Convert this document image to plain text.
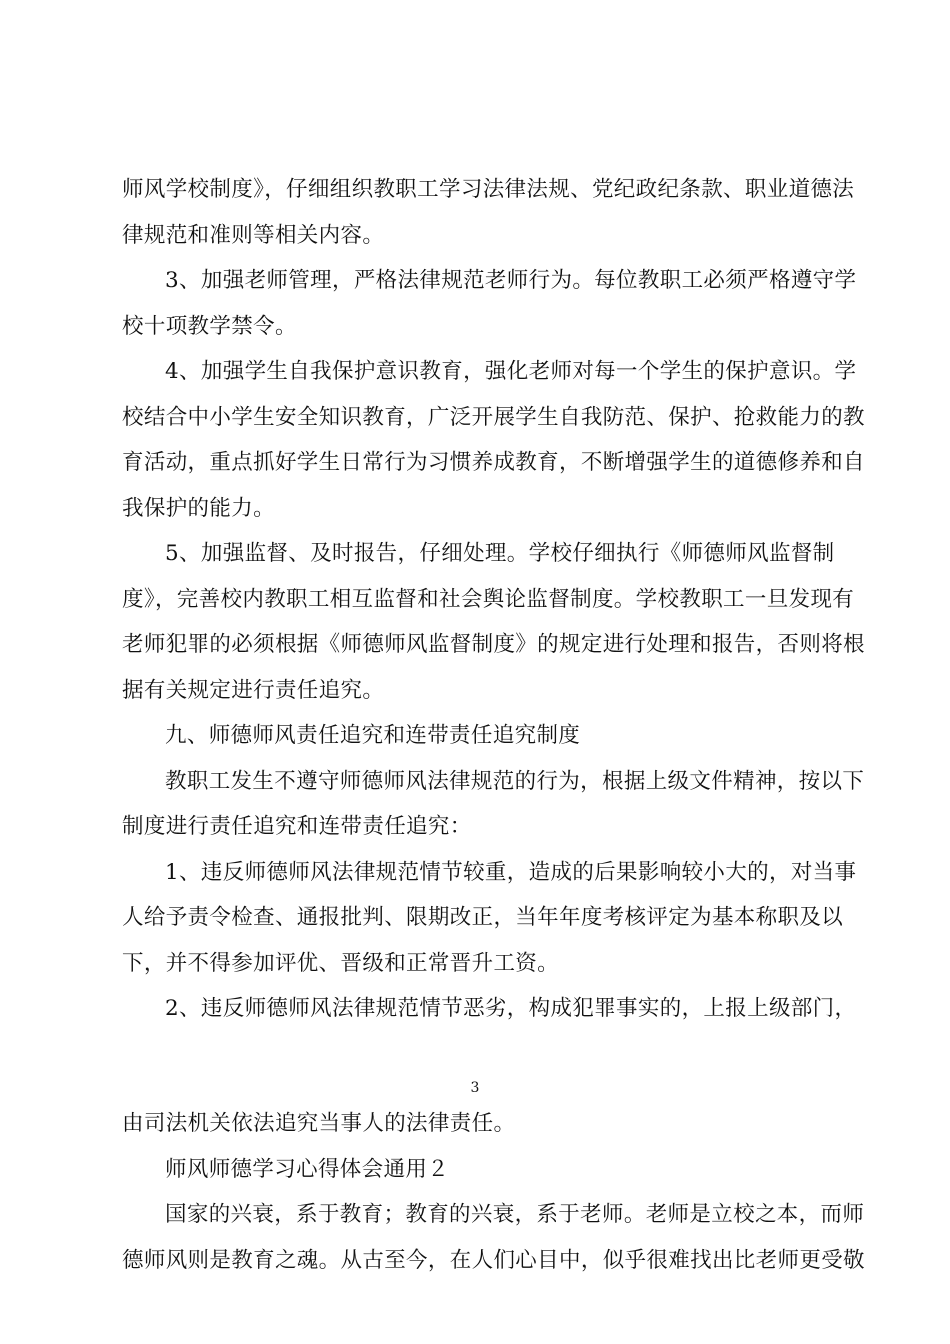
师风学校制度》，仔细组织教职工学习法律法规、党纪政纪条款、职业道德法
律规范和准则等相关内容。
3、加强老师管理，严格法律规范老师行为。每位教职工必须严格遵守学
校十项教学禁令。
4、加强学生自我保护意识教育，强化老师对每一个学生的保护意识。学
校结合中小学生安全知识教育，广泛开展学生自我防范、保护、抢救能力的教
育活动，重点抓好学生日常行为习惯养成教育，不断增强学生的道德修养和自
我保护的能力。
5、加强监督、及时报告，仔细处理。学校仔细执行《师德师风监督制
度》，完善校内教职工相互监督和社会舆论监督制度。学校教职工一旦发现有
老师犯罪的必须根据《师德师风监督制度》的规定进行处理和报告，否则将根
据有关规定进行责任追究。
九、师德师风责任追究和连带责任追究制度
教职工发生不遵守师德师风法律规范的行为，根据上级文件精神，按以下
制度进行责任追究和连带责任追究：
1、违反师德师风法律规范情节较重，造成的后果影响较小大的，对当事
人给予责令检查、通报批判、限期改正，当年年度考核评定为基本称职及以
下，并不得参加评优、晋级和正常晋升工资。
2、违反师德师风法律规范情节恶劣，构成犯罪事实的，上报上级部门，
3
由司法机关依法追究当事人的法律责任。
师风师德学习心得体会通用２
国家的兴衰，系于教育；教育的兴衰，系于老师。老师是立校之本，而师
德师风则是教育之魂。从古至今，在人们心目中，似乎很难找出比老师更受敬
